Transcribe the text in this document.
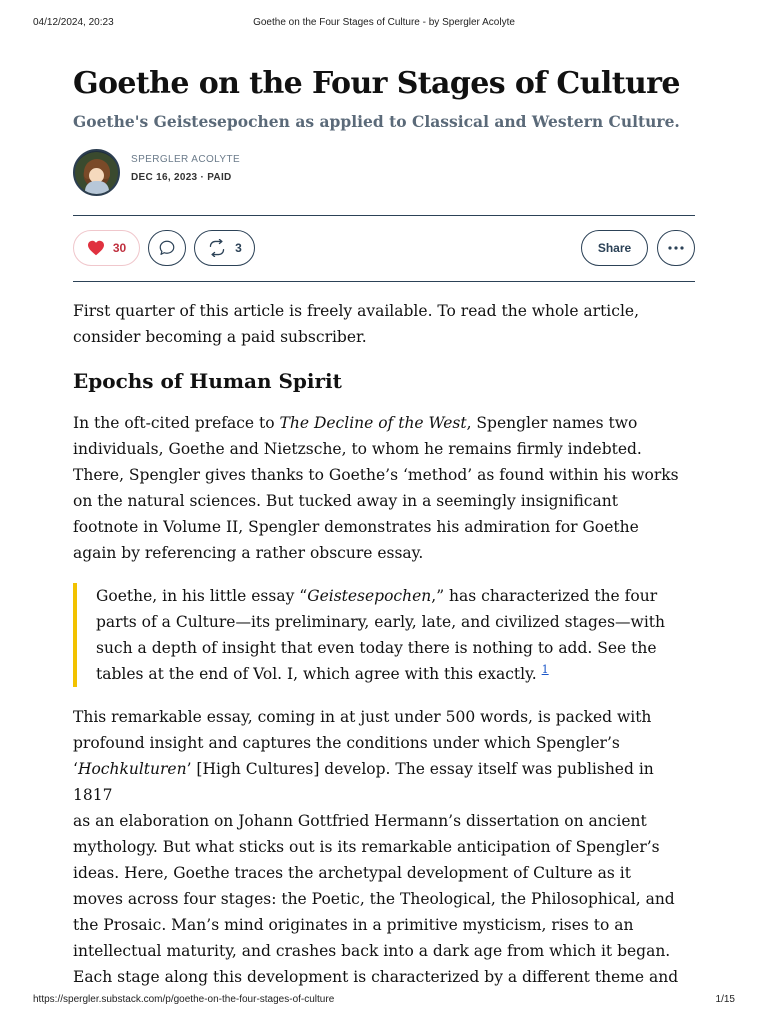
04/12/2024, 20:23	Goethe on the Four Stages of Culture - by Spergler Acolyte
Goethe on the Four Stages of Culture
Goethe's Geistesepochen as applied to Classical and Western Culture.
SPERGLER ACOLYTE
DEC 16, 2023 · PAID
30	3	Share
First quarter of this article is freely available. To read the whole article,
consider becoming a paid subscriber.
Epochs of Human Spirit
In the oft-cited preface to The Decline of the West, Spengler names two
individuals, Goethe and Nietzsche, to whom he remains firmly indebted.
There, Spengler gives thanks to Goethe’s ‘method’ as found within his works
on the natural sciences. But tucked away in a seemingly insignificant
footnote in Volume II, Spengler demonstrates his admiration for Goethe
again by referencing a rather obscure essay.
Goethe, in his little essay “Geistesepochen,” has characterized the four
parts of a Culture—its preliminary, early, late, and civilized stages—with
such a depth of insight that even today there is nothing to add. See the
tables at the end of Vol. I, which agree with this exactly. $^1$
This remarkable essay, coming in at just under 500 words, is packed with
profound insight and captures the conditions under which Spengler’s
‘Hochkulturen’ [High Cultures] develop. The essay itself was published in 1817
as an elaboration on Johann Gottfried Hermann’s dissertation on ancient
mythology. But what sticks out is its remarkable anticipation of Spengler’s
ideas. Here, Goethe traces the archetypal development of Culture as it
moves across four stages: the Poetic, the Theological, the Philosophical, and
the Prosaic. Man’s mind originates in a primitive mysticism, rises to an
intellectual maturity, and crashes back into a dark age from which it began.
Each stage along this development is characterized by a different theme and
https://spergler.substack.com/p/goethe-on-the-four-stages-of-culture	1/15
